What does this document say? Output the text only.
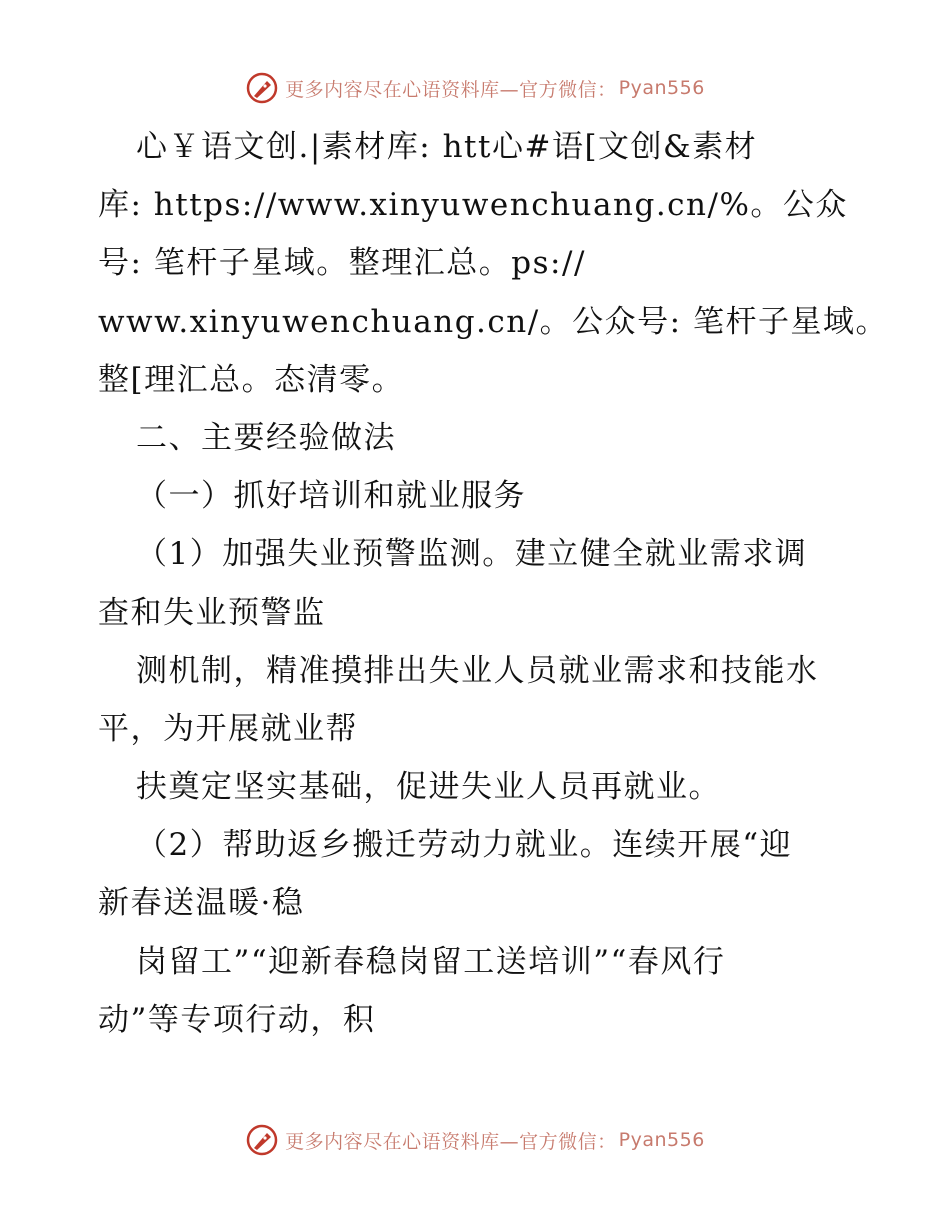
更多内容尽在心语资料库—官方微信： Pyan556

心￥语文创.|素材库: htt心#语[文创&素材

库: https://www.xinyuwenchuang.cn/%。公众

号: 笔杆子星域。整理汇总。ps://

www.xinyuwenchuang.cn/。公众号: 笔杆子星域。

整[理汇总。态清零。

二、主要经验做法

（一）抓好培训和就业服务

（1）加强失业预警监测。建立健全就业需求调

查和失业预警监

测机制，精准摸排出失业人员就业需求和技能水

平，为开展就业帮

扶奠定坚实基础，促进失业人员再就业。

（2）帮助返乡搬迁劳动力就业。连续开展“迎

新春送温暖·稳

岗留工”“迎新春稳岗留工送培训”“春风行

动”等专项行动，积

更多内容尽在心语资料库—官方微信： Pyan556
